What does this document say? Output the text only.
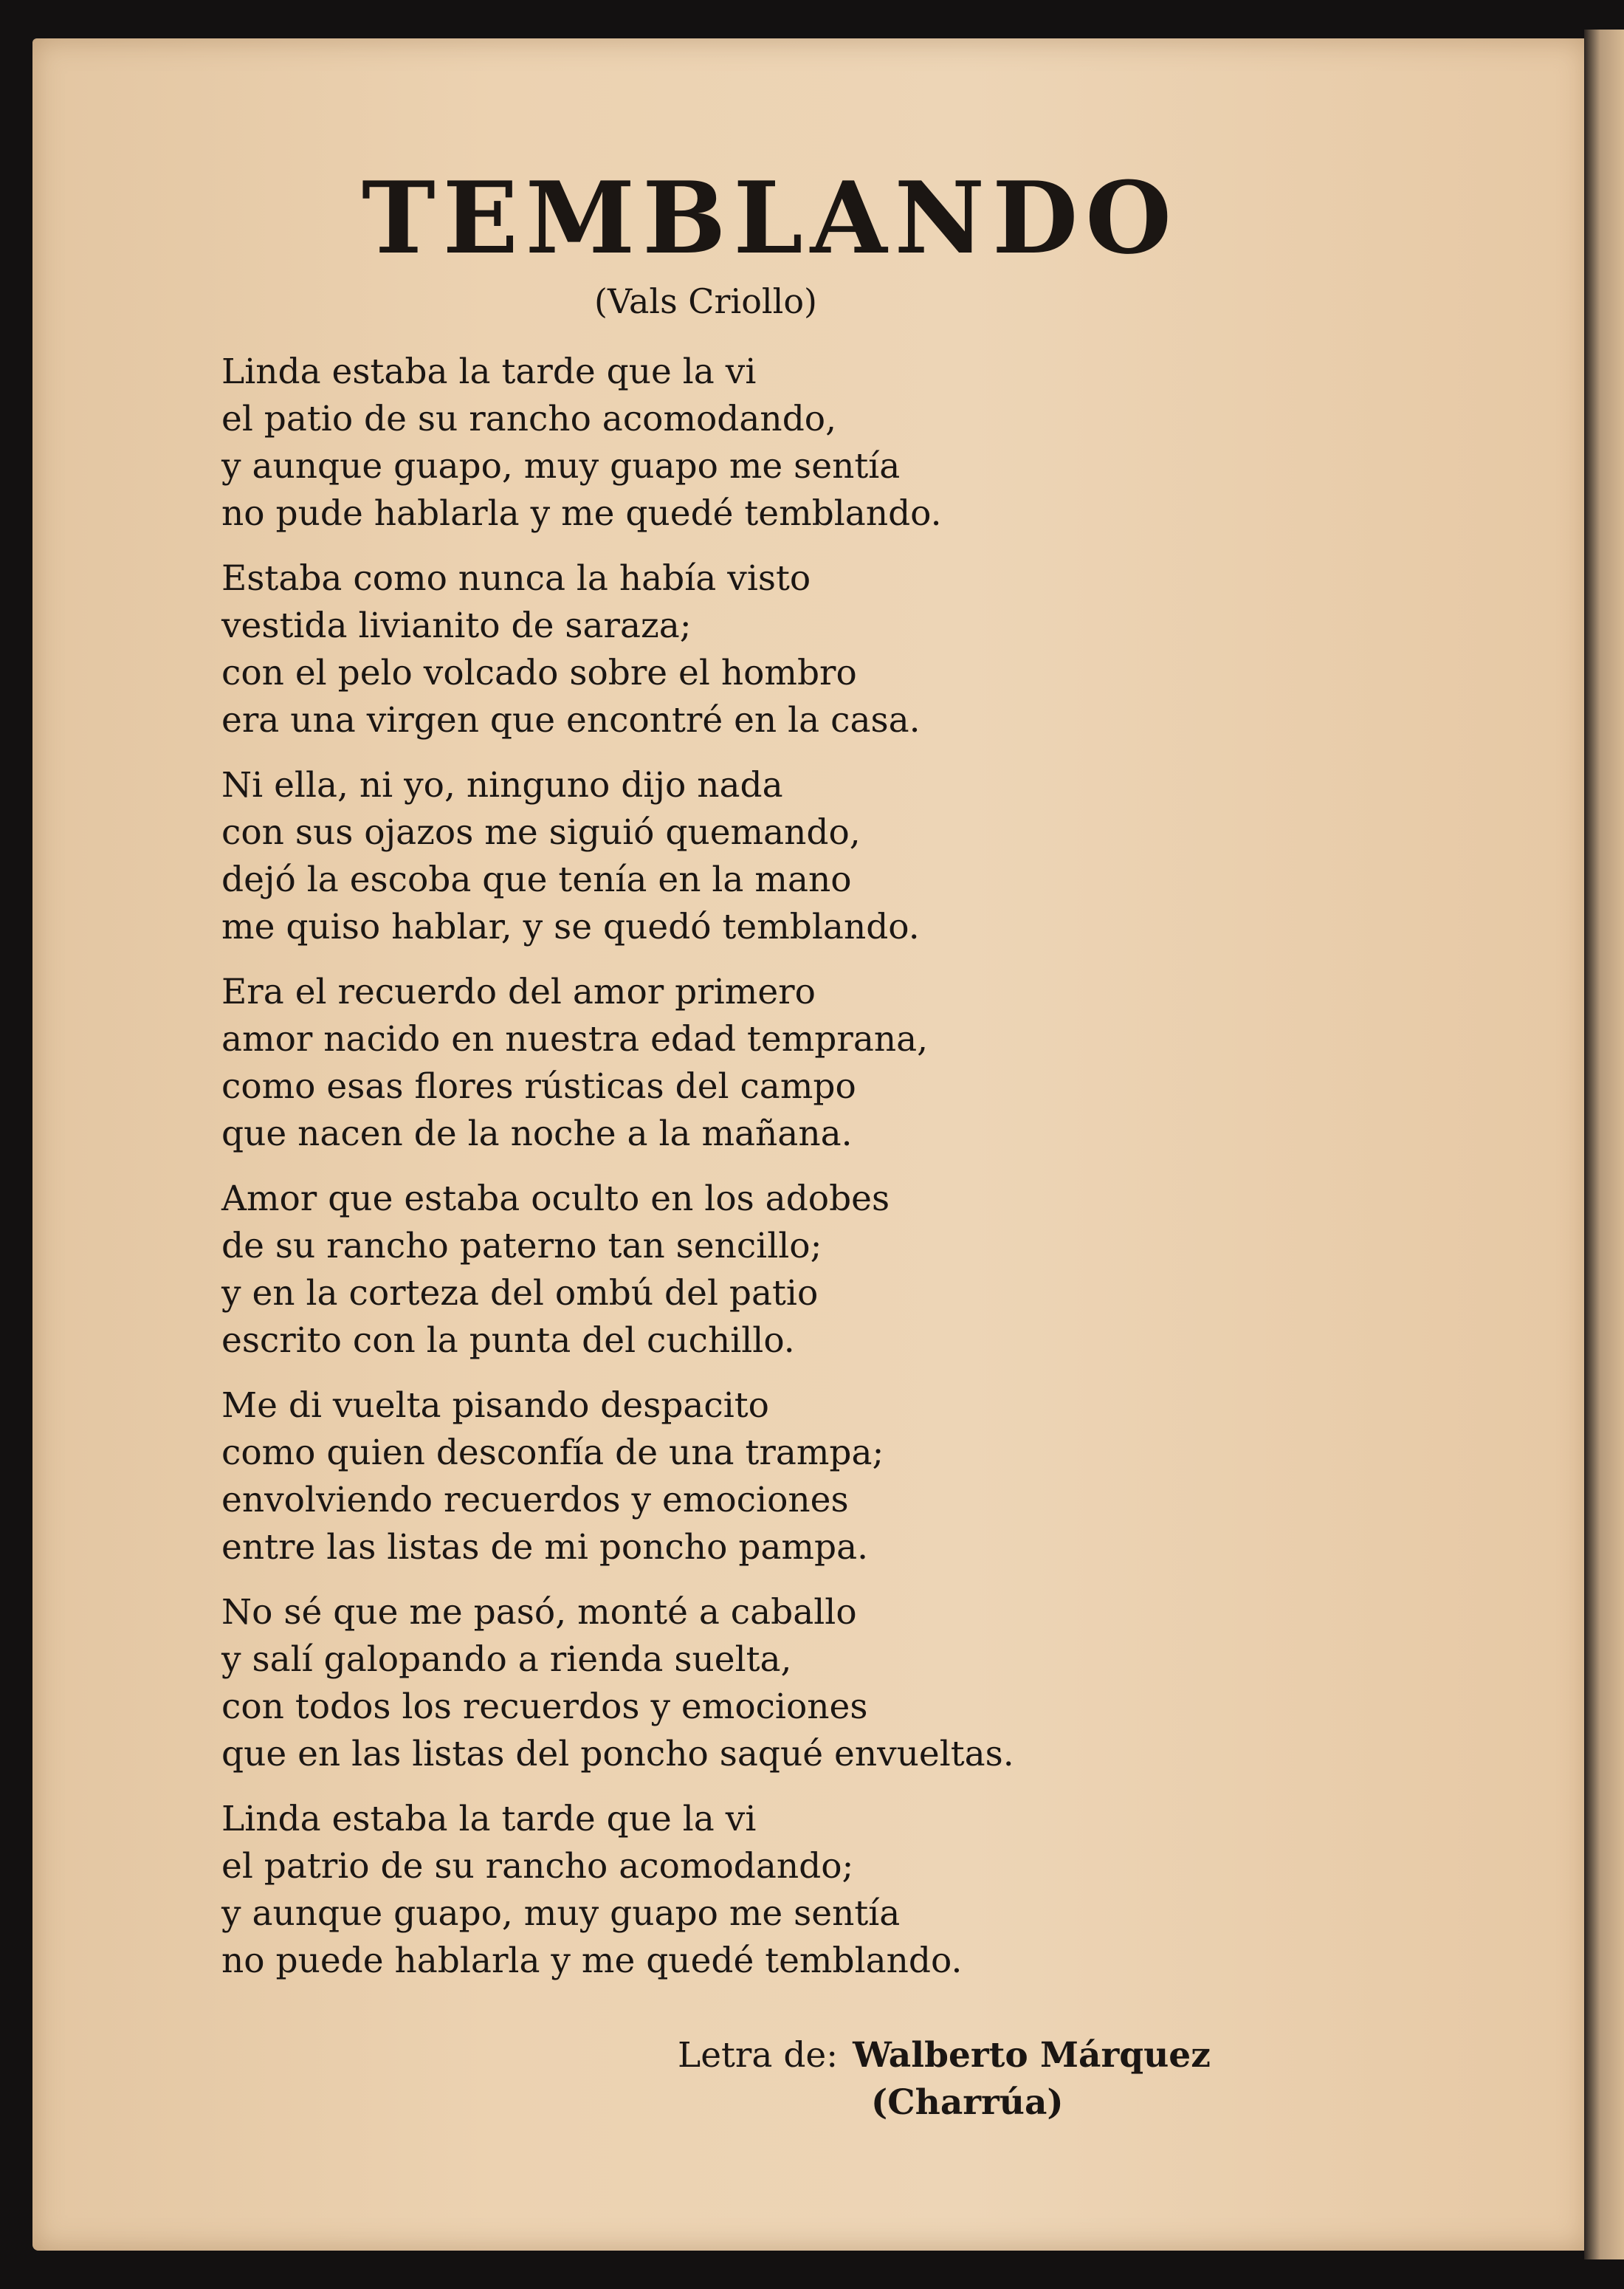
TEMBLANDO
(Vals Criollo)
Linda estaba la tarde que la vi
el patio de su rancho acomodando,
y aunque guapo, muy guapo me sentía
no pude hablarla y me quedé temblando.
Estaba como nunca la había visto
vestida livianito de saraza;
con el pelo volcado sobre el hombro
era una virgen que encontré en la casa.
Ni ella, ni yo, ninguno dijo nada
con sus ojazos me siguió quemando,
dejó la escoba que tenía en la mano
me quiso hablar, y se quedó temblando.
Era el recuerdo del amor primero
amor nacido en nuestra edad temprana,
como esas flores rústicas del campo
que nacen de la noche a la mañana.
Amor que estaba oculto en los adobes
de su rancho paterno tan sencillo;
y en la corteza del ombú del patio
escrito con la punta del cuchillo.
Me di vuelta pisando despacito
como quien desconfía de una trampa;
envolviendo recuerdos y emociones
entre las listas de mi poncho pampa.
No sé que me pasó, monté a caballo
y salí galopando a rienda suelta,
con todos los recuerdos y emociones
que en las listas del poncho saqué envueltas.
Linda estaba la tarde que la vi
el patrio de su rancho acomodando;
y aunque guapo, muy guapo me sentía
no puede hablarla y me quedé temblando.
Letra de: Walberto Márquez
(Charrúa)
